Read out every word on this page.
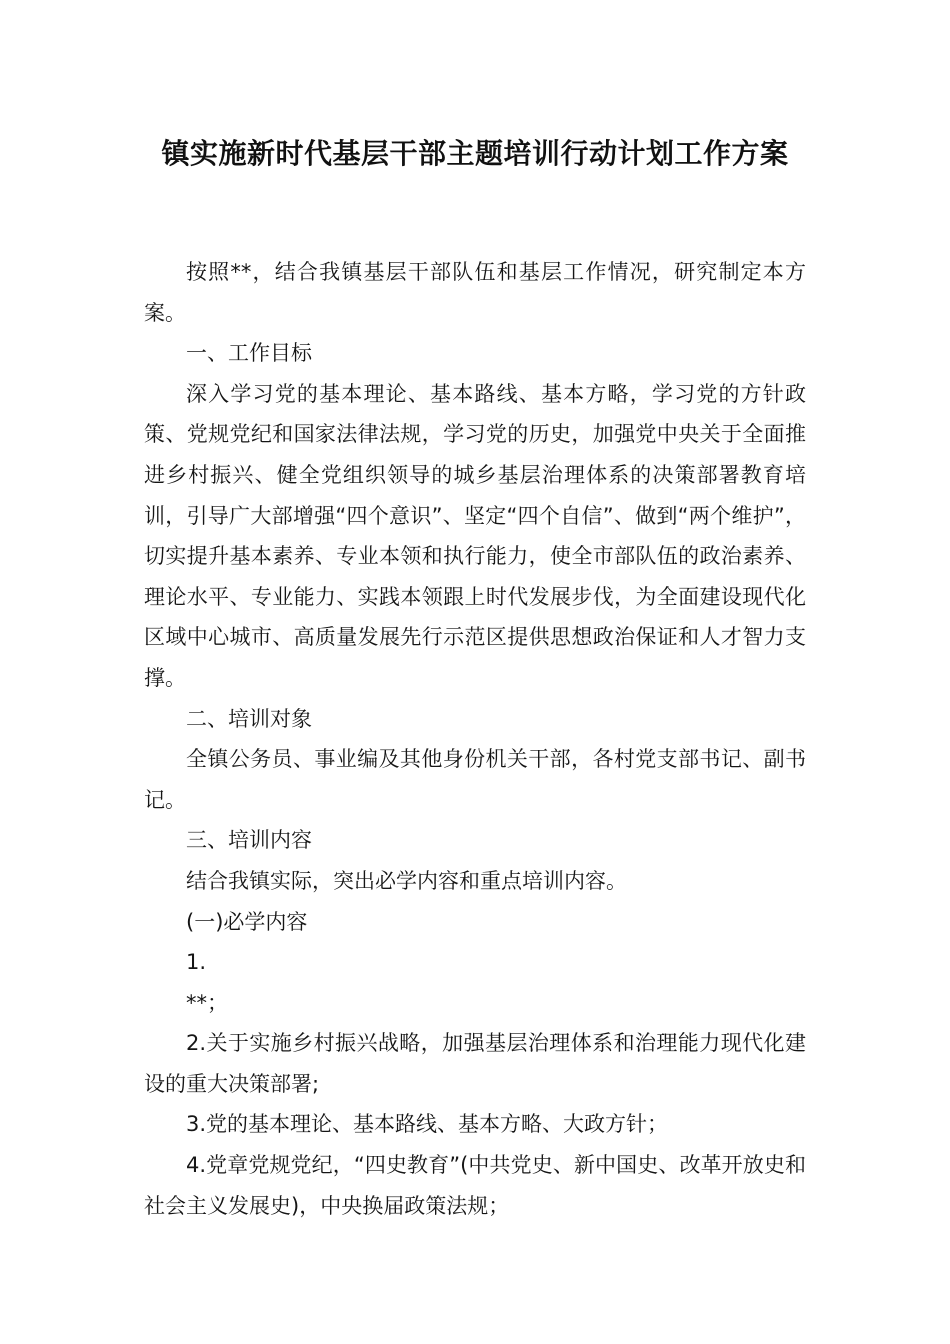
镇实施新时代基层干部主题培训行动计划工作方案

按照**，结合我镇基层干部队伍和基层工作情况，研究制定本方案。

一、工作目标

深入学习党的基本理论、基本路线、基本方略，学习党的方针政策、党规党纪和国家法律法规，学习党的历史，加强党中央关于全面推进乡村振兴、健全党组织领导的城乡基层治理体系的决策部署教育培训，引导广大部增强“四个意识”、坚定“四个自信”、做到“两个维护”，切实提升基本素养、专业本领和执行能力，使全市部队伍的政治素养、理论水平、专业能力、实践本领跟上时代发展步伐，为全面建设现代化区域中心城市、高质量发展先行示范区提供思想政治保证和人才智力支撑。

二、培训对象

全镇公务员、事业编及其他身份机关干部，各村党支部书记、副书记。

三、培训内容

结合我镇实际，突出必学内容和重点培训内容。

(一)必学内容

1.

**；

2.关于实施乡村振兴战略，加强基层治理体系和治理能力现代化建设的重大决策部署;

3.党的基本理论、基本路线、基本方略、大政方针；

4.党章党规党纪，“四史教育”(中共党史、新中国史、改革开放史和社会主义发展史)，中央换届政策法规；
